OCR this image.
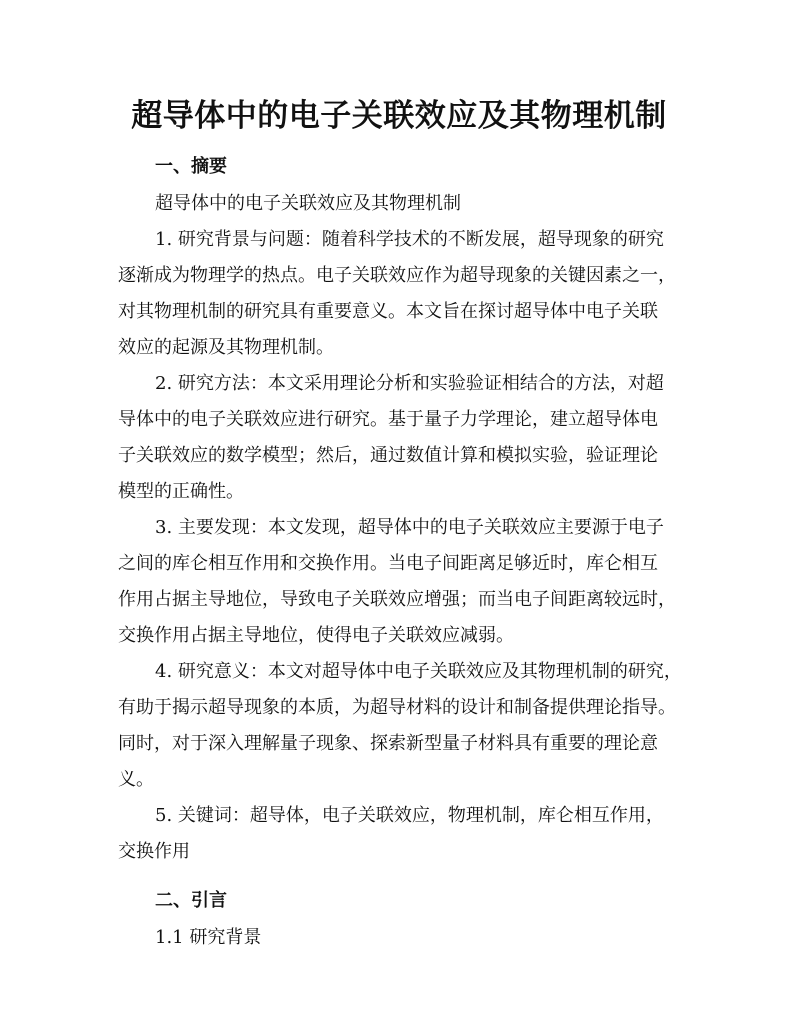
超导体中的电子关联效应及其物理机制
一、摘要

超导体中的电子关联效应及其物理机制

1. 研究背景与问题：随着科学技术的不断发展，超导现象的研究
逐渐成为物理学的热点。电子关联效应作为超导现象的关键因素之一，
对其物理机制的研究具有重要意义。本文旨在探讨超导体中电子关联
效应的起源及其物理机制。

2. 研究方法：本文采用理论分析和实验验证相结合的方法，对超
导体中的电子关联效应进行研究。基于量子力学理论，建立超导体电
子关联效应的数学模型；然后，通过数值计算和模拟实验，验证理论
模型的正确性。

3. 主要发现：本文发现，超导体中的电子关联效应主要源于电子
之间的库仑相互作用和交换作用。当电子间距离足够近时，库仑相互
作用占据主导地位，导致电子关联效应增强；而当电子间距离较远时，
交换作用占据主导地位，使得电子关联效应减弱。

4. 研究意义：本文对超导体中电子关联效应及其物理机制的研究，
有助于揭示超导现象的本质，为超导材料的设计和制备提供理论指导。
同时，对于深入理解量子现象、探索新型量子材料具有重要的理论意
义。

5. 关键词：超导体，电子关联效应，物理机制，库仑相互作用，
交换作用

二、引言
1.1 研究背景
